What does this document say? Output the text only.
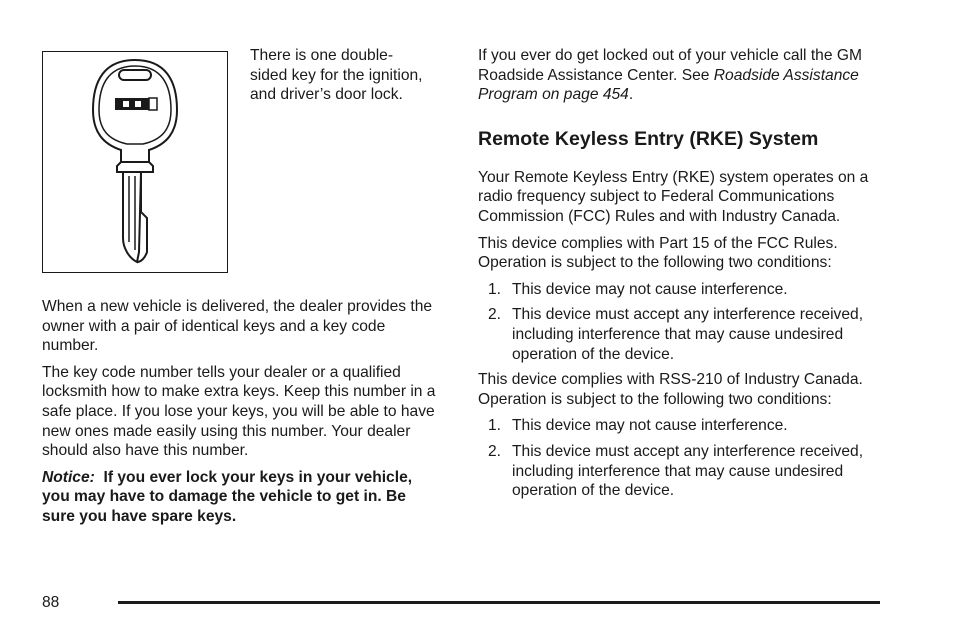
There is one double-sided key for the ignition, and driver’s door lock.

When a new vehicle is delivered, the dealer provides the owner with a pair of identical keys and a key code number.

The key code number tells your dealer or a qualified locksmith how to make extra keys. Keep this number in a safe place. If you lose your keys, you will be able to have new ones made easily using this number. Your dealer should also have this number.

Notice: If you ever lock your keys in your vehicle, you may have to damage the vehicle to get in. Be sure you have spare keys.

If you ever do get locked out of your vehicle call the GM Roadside Assistance Center. See Roadside Assistance Program on page 454.

Remote Keyless Entry (RKE) System

Your Remote Keyless Entry (RKE) system operates on a radio frequency subject to Federal Communications Commission (FCC) Rules and with Industry Canada.

This device complies with Part 15 of the FCC Rules. Operation is subject to the following two conditions:

1. This device may not cause interference.
2. This device must accept any interference received, including interference that may cause undesired operation of the device.

This device complies with RSS-210 of Industry Canada. Operation is subject to the following two conditions:

1. This device may not cause interference.
2. This device must accept any interference received, including interference that may cause undesired operation of the device.
88
